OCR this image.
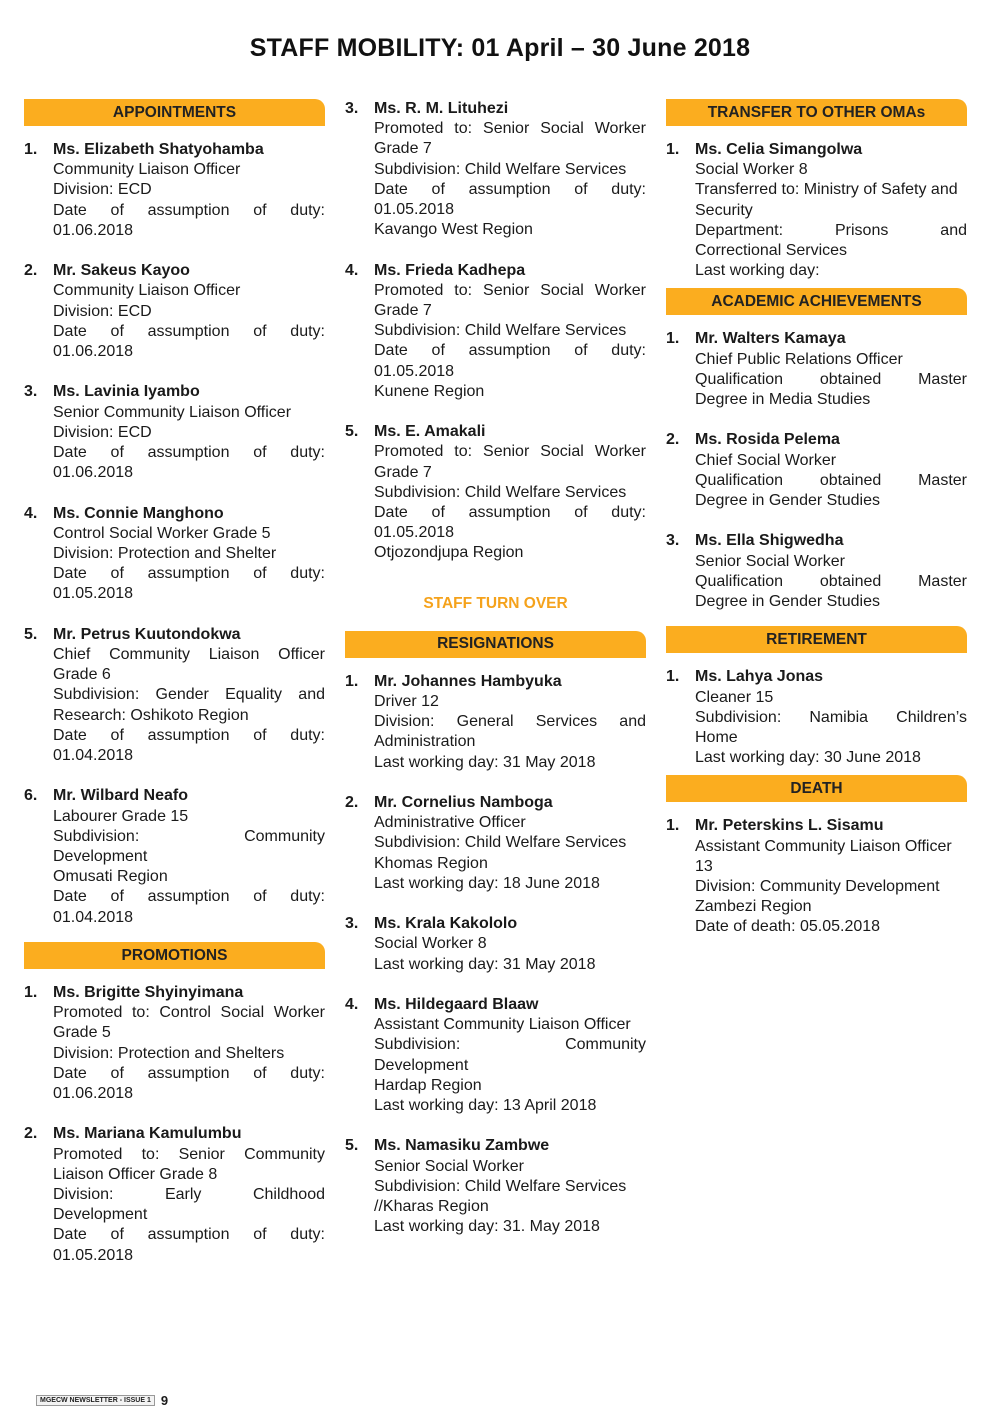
STAFF MOBILITY: 01 April – 30 June 2018
APPOINTMENTS
1. Ms. Elizabeth Shatyohamba
Community Liaison Officer
Division: ECD
Date of assumption of duty:
01.06.2018
2. Mr. Sakeus Kayoo
Community Liaison Officer
Division: ECD
Date of assumption of duty:
01.06.2018
3. Ms. Lavinia Iyambo
Senior Community Liaison Officer
Division: ECD
Date of assumption of duty:
01.06.2018
4. Ms. Connie Manghono
Control Social Worker Grade 5
Division: Protection and Shelter
Date of assumption of duty:
01.05.2018
5. Mr. Petrus Kuutondokwa
Chief Community Liaison Officer
Grade 6
Subdivision: Gender Equality and
Research: Oshikoto Region
Date of assumption of duty:
01.04.2018
6. Mr. Wilbard Neafo
Labourer Grade 15
Subdivision: Community
Development
Omusati Region
Date of assumption of duty:
01.04.2018
PROMOTIONS
1. Ms. Brigitte Shyinyimana
Promoted to: Control Social Worker
Grade 5
Division: Protection and Shelters
Date of assumption of duty:
01.06.2018
2. Ms. Mariana Kamulumbu
Promoted to: Senior Community
Liaison Officer Grade 8
Division: Early Childhood
Development
Date of assumption of duty:
01.05.2018
3. Ms. R. M. Lituhezi
Promoted to: Senior Social Worker
Grade 7
Subdivision: Child Welfare Services
Date of assumption of duty:
01.05.2018
Kavango West Region
4. Ms. Frieda Kadhepa
Promoted to: Senior Social Worker
Grade 7
Subdivision: Child Welfare Services
Date of assumption of duty:
01.05.2018
Kunene Region
5. Ms. E. Amakali
Promoted to: Senior Social Worker
Grade 7
Subdivision: Child Welfare Services
Date of assumption of duty:
01.05.2018
Otjozondjupa Region
STAFF TURN OVER
RESIGNATIONS
1. Mr. Johannes Hambyuka
Driver 12
Division: General Services and
Administration
Last working day: 31 May 2018
2. Mr. Cornelius Namboga
Administrative Officer
Subdivision: Child Welfare Services
Khomas Region
Last working day: 18 June 2018
3. Ms. Krala Kakololo
Social Worker 8
Last working day: 31 May 2018
4. Ms. Hildegaard Blaaw
Assistant Community Liaison Officer
Subdivision: Community
Development
Hardap Region
Last working day: 13 April 2018
5. Ms. Namasiku Zambwe
Senior Social Worker
Subdivision: Child Welfare Services
//Kharas Region
Last working day: 31. May 2018
TRANSFER TO OTHER OMAs
1. Ms. Celia Simangolwa
Social Worker 8
Transferred to: Ministry of Safety and
Security
Department: Prisons and
Correctional Services
Last working day:
ACADEMIC ACHIEVEMENTS
1. Mr. Walters Kamaya
Chief Public Relations Officer
Qualification obtained Master
Degree in Media Studies
2. Ms. Rosida Pelema
Chief Social Worker
Qualification obtained Master
Degree in Gender Studies
3. Ms. Ella Shigwedha
Senior Social Worker
Qualification obtained Master
Degree in Gender Studies
RETIREMENT
1. Ms. Lahya Jonas
Cleaner 15
Subdivision: Namibia Children’s
Home
Last working day: 30 June 2018
DEATH
1. Mr. Peterskins L. Sisamu
Assistant Community Liaison Officer
13
Division: Community Development
Zambezi Region
Date of death: 05.05.2018
MGECW NEWSLETTER - ISSUE 1 9
